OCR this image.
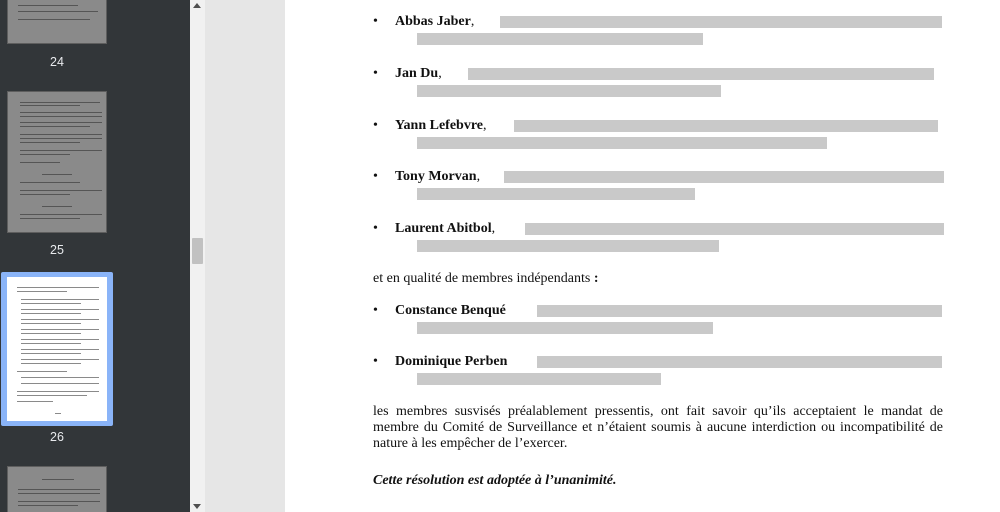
24
25
26
• Abbas Jaber,
• Jan Du,
• Yann Lefebvre,
• Tony Morvan,
• Laurent Abitbol,
et en qualité de membres indépendants :
• Constance Benqué
• Dominique Perben
les membres susvisés préalablement pressentis, ont fait savoir qu’ils acceptaient le mandat de membre du Comité de Surveillance et n’étaient soumis à aucune interdiction ou incompatibilité de nature à les empêcher de l’exercer.
Cette résolution est adoptée à l’unanimité.
